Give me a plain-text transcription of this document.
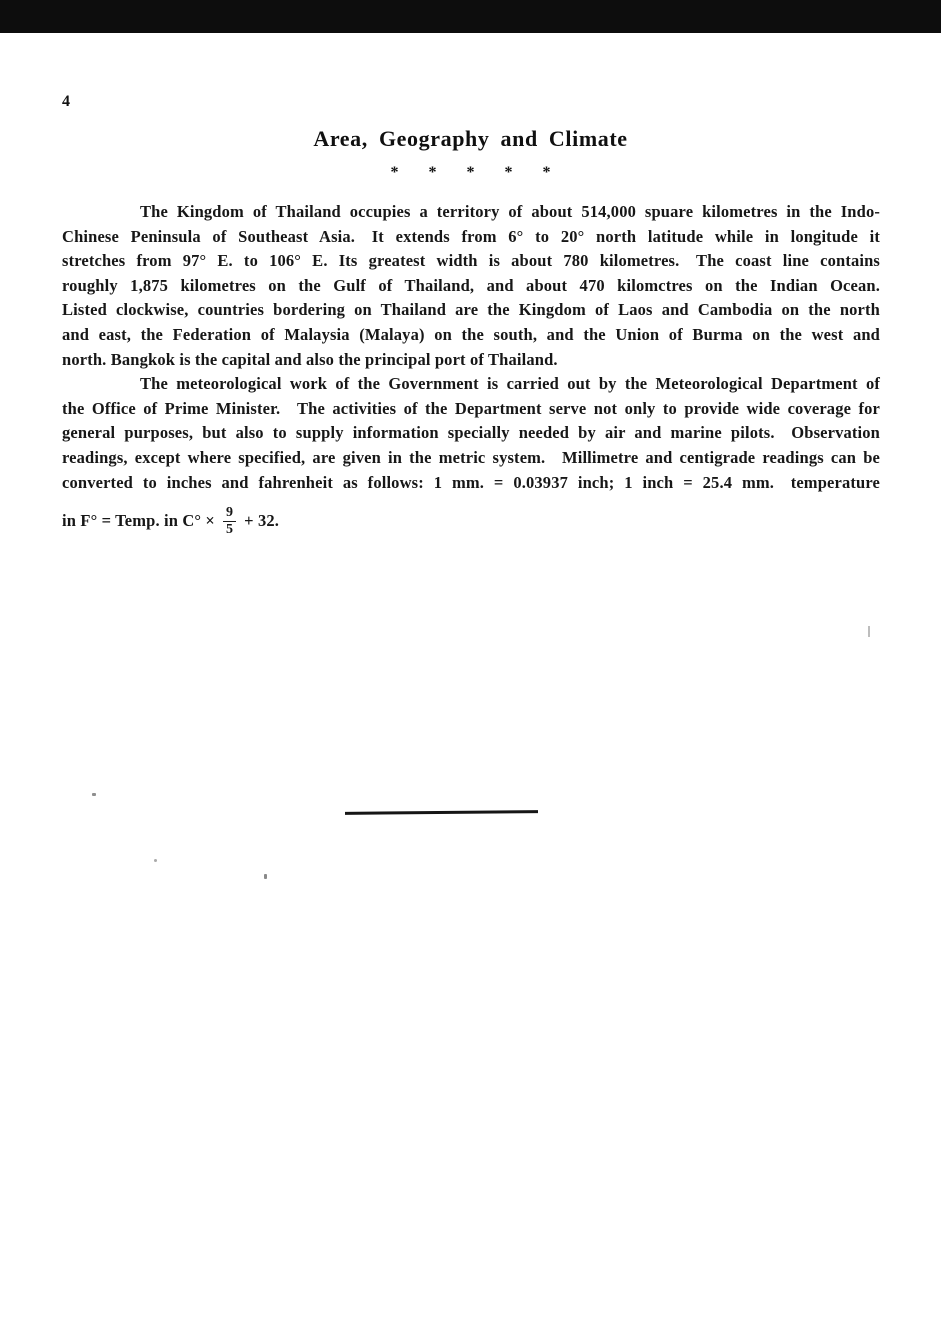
4
Area, Geography and Climate
* * * * *
The Kingdom of Thailand occupies a territory of about 514,000 spuare kilometres in the Indo-
Chinese Peninsula of Southeast Asia. It extends from 6° to 20° north latitude while in longitude it
stretches from 97° E. to 106° E. Its greatest width is about 780 kilometres. The coast line contains
roughly 1,875 kilometres on the Gulf of Thailand, and about 470 kilomctres on the Indian Ocean.
Listed clockwise, countries bordering on Thailand are the Kingdom of Laos and Cambodia on the north
and east, the Federation of Malaysia (Malaya) on the south, and the Union of Burma on the west and
north. Bangkok is the capital and also the principal port of Thailand.
The meteorological work of the Government is carried out by the Meteorological Department of
the Office of Prime Minister. The activities of the Department serve not only to provide wide coverage for
general purposes, but also to supply information specially needed by air and marine pilots. Observation
readings, except where specified, are given in the metric system. Millimetre and centigrade readings can be
converted to inches and fahrenheit as follows: 1 mm. = 0.03937 inch; 1 inch = 25.4 mm. temperature
in F° = Temp. in $C^\circ \times \frac{9}{5} + 32$.
